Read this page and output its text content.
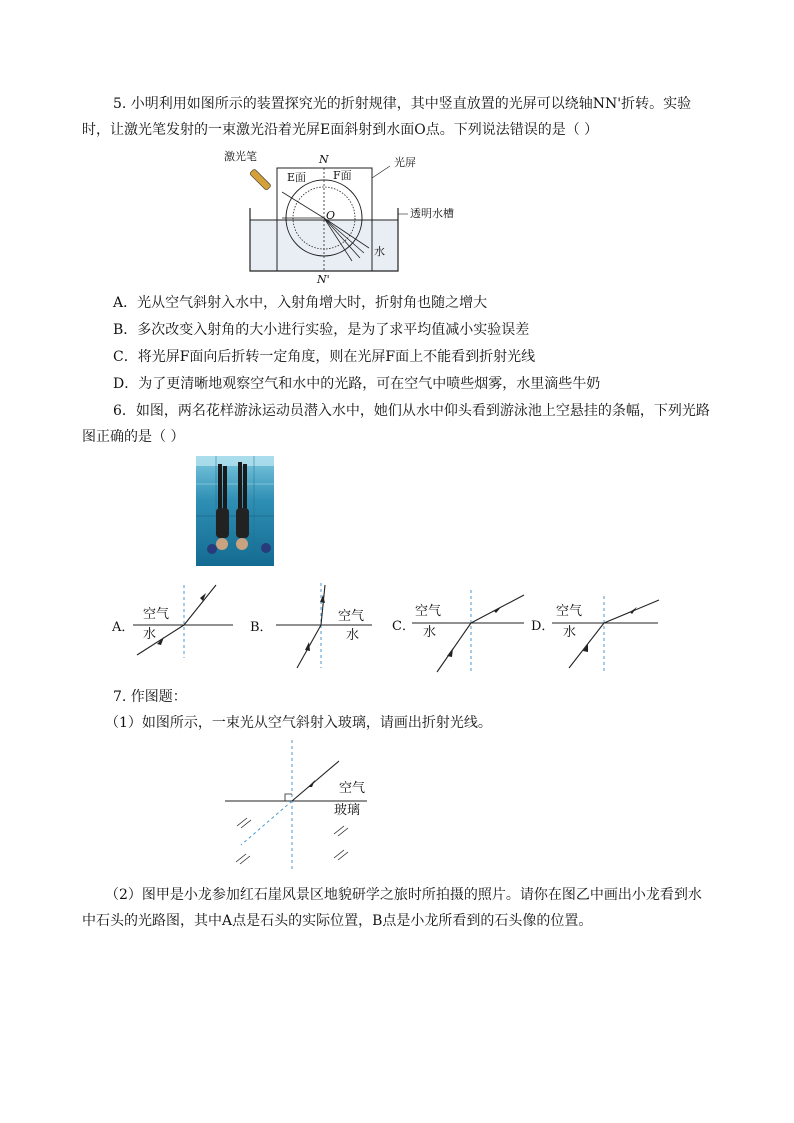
5. 小明利用如图所示的装置探究光的折射规律，其中竖直放置的光屏可以绕轴NN'折转。实验
时，让激光笔发射的一束激光沿着光屏E面斜射到水面O点。下列说法错误的是（ ）
激光笔	N
E面 F面
光屏
O	透明水槽
水
N'
A．光从空气斜射入水中，入射角增大时，折射角也随之增大
B．多次改变入射角的大小进行实验，是为了求平均值减小实验误差
C．将光屏F面向后折转一定角度，则在光屏F面上不能看到折射光线
D．为了更清晰地观察空气和水中的光路，可在空气中喷些烟雾，水里滴些牛奶
6．如图，两名花样游泳运动员潜入水中，她们从水中仰头看到游泳池上空悬挂的条幅，下列光路
图正确的是（ ）
A．
空气
水	B．
空气
水
C．
空气
水	D．
空气
水
7. 作图题：
（1）如图所示，一束光从空气斜射入玻璃，请画出折射光线。
空气
玻璃
（2）图甲是小龙参加红石崖风景区地貌研学之旅时所拍摄的照片。请你在图乙中画出小龙看到水
中石头的光路图，其中A点是石头的实际位置，B点是小龙所看到的石头像的位置。
